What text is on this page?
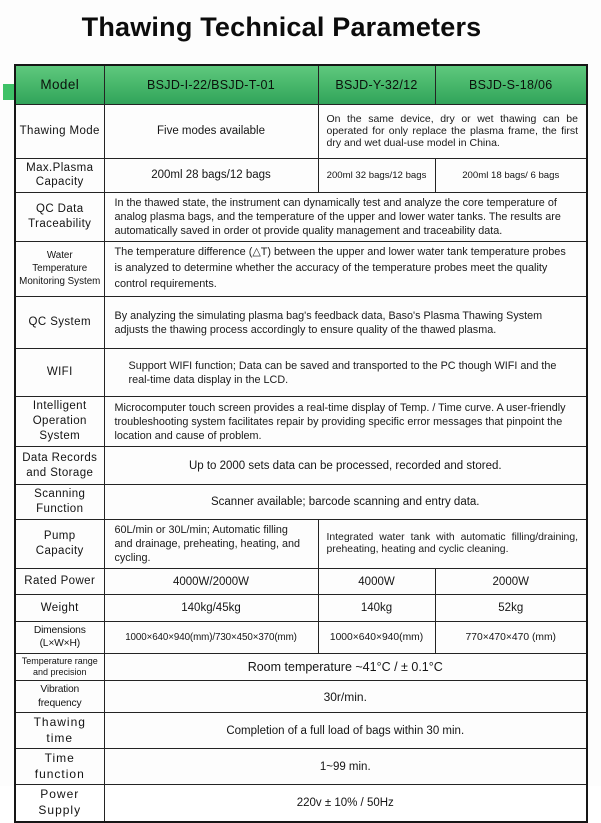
Thawing Technical Parameters
Model	BSJD-I-22/BSJD-T-01	BSJD-Y-32/12	BSJD-S-18/06
Thawing Mode	Five modes available	On the same device, dry or wet thawing can be operated for only replace the plasma frame, the first dry and wet dual-use model in China.	
Max.Plasma Capacity	200ml 28 bags/12 bags	200ml 32 bags/12 bags	200ml 18 bags/ 6 bags
QC Data Traceability	In the thawed state, the instrument can dynamically test and analyze the core temperature of analog plasma bags, and the temperature of the upper and lower water tanks. The results are automatically saved in order ot provide quality management and traceability data.		
Water Temperature Monitoring System	The temperature difference (△T) between the upper and lower water tank temperature probes is analyzed to determine whether the accuracy of the temperature probes meet the quality control requirements.		
QC System	By analyzing the simulating plasma bag's feedback data, Baso's Plasma Thawing System adjusts the thawing process accordingly to ensure quality of the thawed plasma.		
WIFI	Support WIFI function; Data can be saved and transported to the PC though WIFI and the real-time data display in the LCD.		
Intelligent Operation System	Microcomputer touch screen provides a real-time display of Temp. / Time curve. A user-friendly troubleshooting system facilitates repair by providing specific error messages that pinpoint the location and cause of problem.		
Data Records and Storage	Up to 2000 sets data can be processed, recorded and stored.		
Scanning Function	Scanner available; barcode scanning and entry data.		
Pump Capacity	60L/min or 30L/min; Automatic filling and drainage, preheating, heating, and cycling.	Integrated water tank with automatic filling/draining, preheating, heating and cyclic cleaning.	
Rated Power	4000W/2000W	4000W	2000W
Weight	140kg/45kg	140kg	52kg
Dimensions (L×W×H)	1000×640×940(mm)/730×450×370(mm)	1000×640×940(mm)	770×470×470 (mm)
Temperature range and precision	Room temperature ~41°C / ± 0.1°C		
Vibration frequency	30r/min.		
Thawing time	Completion of a full load of bags within 30 min.		
Time function	1~99 min.		
Power Supply	220v ± 10% / 50Hz		
